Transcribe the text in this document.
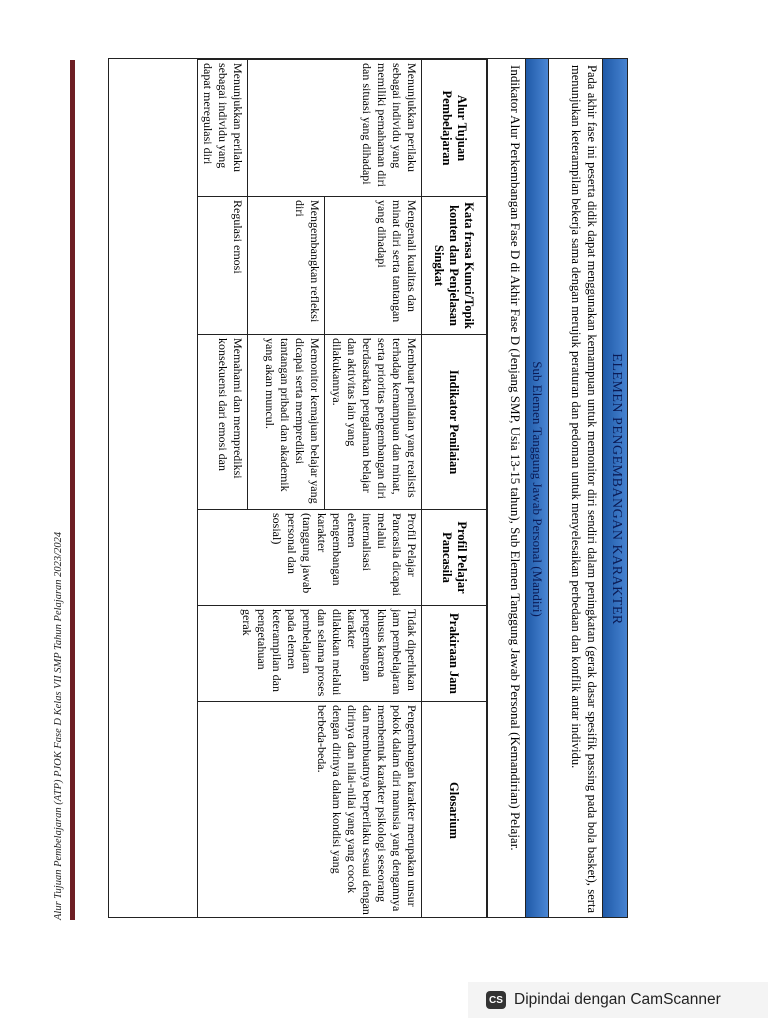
Alur Tujuan Pembelajaran (ATP) PJOK Fase D Kelas VII SMP Tahun Pelajaran 2023/2024
ELEMEN PENGEMBANGAN KARAKTER
Pada akhir fase ini peserta didik dapat menggunakan kemampuan untuk memonitor diri sendiri dalam peningkatan (gerak dasar spesifik passing pada bola basket), serta menunjukan keterampilan bekerja sama dengan merujuk peraturan dan pedoman untuk menyelesaikan perbedaan dan konflik antar individu.
Sub Elemen Tanggung Jawab Personal (Mandiri)
Indikator Alur Perkembangan Fase D di Akhir Fase D (Jenjang SMP, Usia 13-15 tahun), Sub Elemen Tanggung Jawab Personal (Kemandirian) Pelajar.
Alur Tujuan Pembelajaran	Kata frasa Kunci/Topik konten dan Penjelasan Singkat	Indikator Penilaian	Profil Pelajar Pancasila	Prakiraan Jam	Glosarium
Menunjukkan perilaku sebagai individu yang memiliki pemahaman diri dan situasi yang dihadapi	Mengenali kualitas dan minat diri serta tantangan yang dihadapi	Membuat penilaian yang realistis terhadap kemampuan dan minat, serta prioritas pengembangan diri berdasarkan pengalaman belajar dan aktivitas lain yang dilakukannya.	Profil Pelajar Pancasila dicapai melalui internalisasi elemen pengembangan karakter (tanggung jawab personal dan sosial)	Tidak diperlukan jam pembelajaran khusus karena pengembangan karakter dilakukan melalui dan selama proses pembelajaran pada elemen keterampilan dan pengetahuan gerak	Pengembangan karakter merupakan unsur pokok dalam diri manusia yang dengannya membentuk karakter psikologi seseorang dan membuatnya berperilaku sesuai dengan dirinya dan nilai-nilai yang yang cocok dengan dirinya dalam kondisi yang berbeda-beda.
	Mengembangkan refleksi diri	Memonitor kemajuan belajar yang dicapai serta memprediksi tantangan pribadi dan akademik yang akan muncul.			
Menunjukkan perilaku sebagai individu yang dapat meregulasi diri	Regulasi emosi	Memahami dan memprediksi konsekuensi dari emosi dan			
CS Dipindai dengan CamScanner
